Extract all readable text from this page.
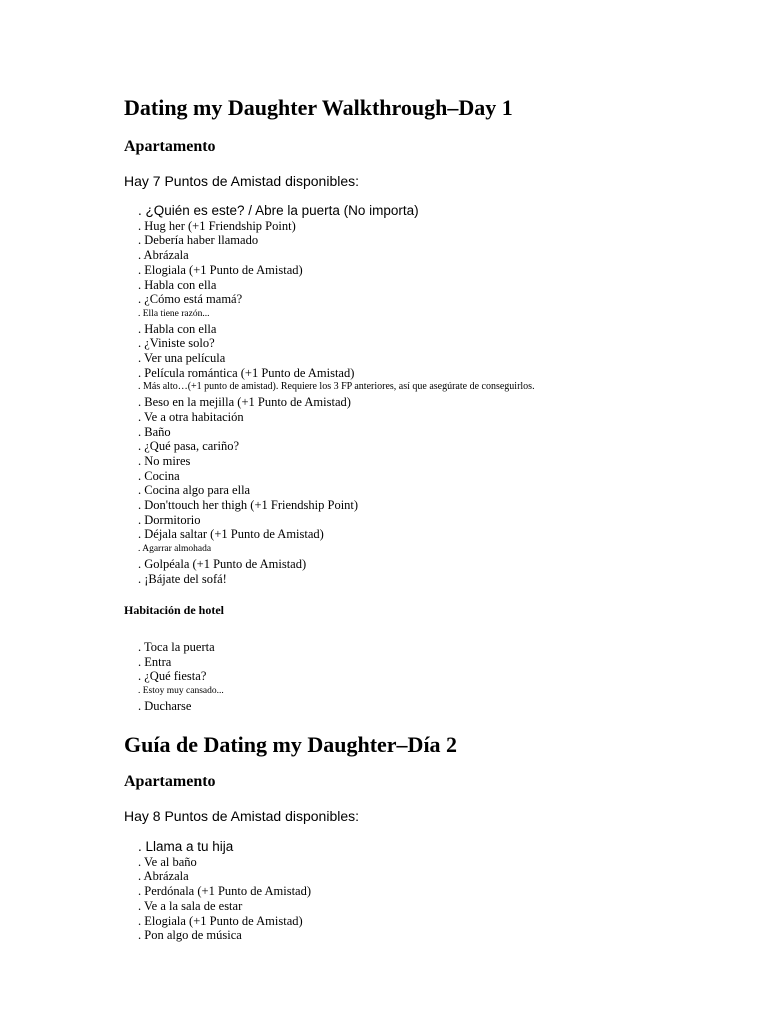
Dating my Daughter Walkthrough–Day 1
Apartamento

Hay 7 Puntos de Amistad disponibles:

. ¿Quién es este? / Abre la puerta (No importa)
. Hug her (+1 Friendship Point)
. Debería haber llamado
. Abrázala
. Elogiala (+1 Punto de Amistad)
. Habla con ella
. ¿Cómo está mamá?
. Ella tiene razón...
. Habla con ella
. ¿Viniste solo?
. Ver una película
. Película romántica (+1 Punto de Amistad)
. Más alto…(+1 punto de amistad). Requiere los 3 FP anteriores, así que asegúrate de conseguirlos.
. Beso en la mejilla (+1 Punto de Amistad)
. Ve a otra habitación
. Baño
. ¿Qué pasa, cariño?
. No mires
. Cocina
. Cocina algo para ella
. Don'ttouch her thigh (+1 Friendship Point)
. Dormitorio
. Déjala saltar (+1 Punto de Amistad)
. Agarrar almohada
. Golpéala (+1 Punto de Amistad)
. ¡Bájate del sofá!
Habitación de hotel
. Toca la puerta
. Entra
. ¿Qué fiesta?
. Estoy muy cansado...
. Ducharse
Guía de Dating my Daughter–Día 2
Apartamento

Hay 8 Puntos de Amistad disponibles:

. Llama a tu hija
. Ve al baño
. Abrázala
. Perdónala (+1 Punto de Amistad)
. Ve a la sala de estar
. Elogiala (+1 Punto de Amistad)
. Pon algo de música
